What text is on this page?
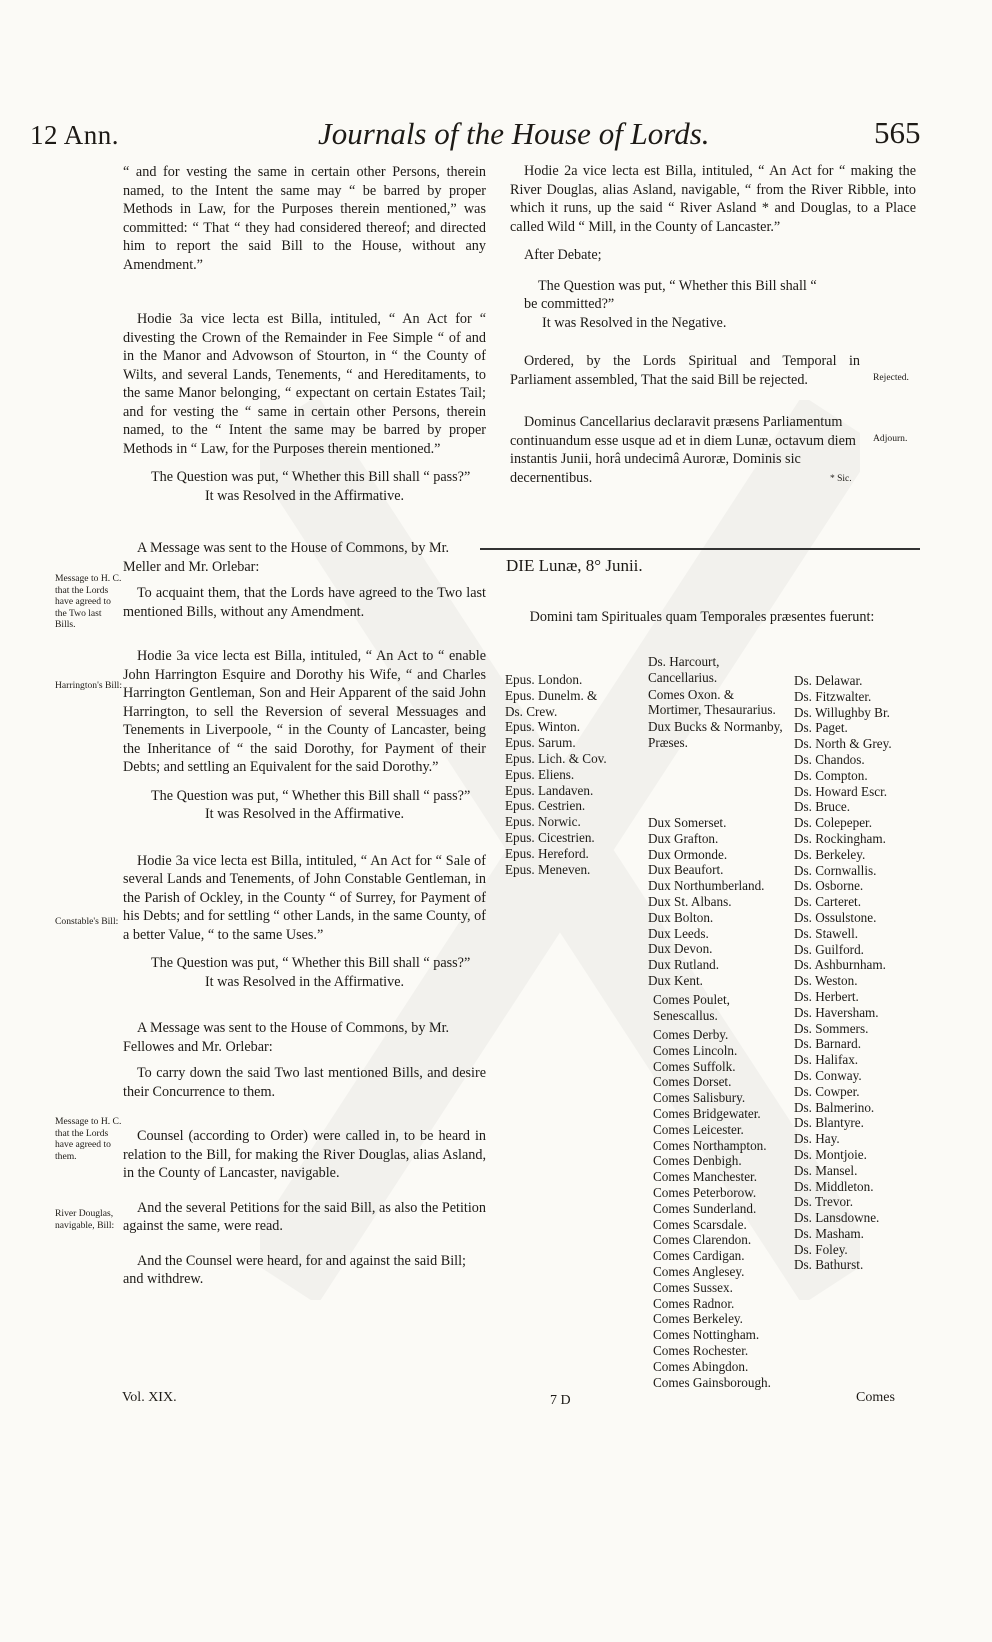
12 Ann.	Journals of the House of Lords.	565

“ and for vesting the same in certain other Persons, therein named, to the Intent the same may “ be barred by proper Methods in Law, for the Purposes therein mentioned,” was committed: “ That “ they had considered thereof; and directed him to report the said Bill to the House, without any Amendment.”

Hodie 3a vice lecta est Billa, intituled, “ An Act for “ divesting the Crown of the Remainder in Fee Simple “ of and in the Manor and Advowson of Stourton, in “ the County of Wilts, and several Lands, Tenements, “ and Hereditaments, to the same Manor belonging, “ expectant on certain Estates Tail; and for vesting the “ same in certain other Persons, therein named, to the “ Intent the same may be barred by proper Methods in “ Law, for the Purposes therein mentioned.”

The Question was put, “ Whether this Bill shall “ pass?”

It was Resolved in the Affirmative.

A Message was sent to the House of Commons, by Mr. Meller and Mr. Orlebar:

To acquaint them, that the Lords have agreed to the Two last mentioned Bills, without any Amendment.

Hodie 3a vice lecta est Billa, intituled, “ An Act to “ enable John Harrington Esquire and Dorothy his Wife, “ and Charles Harrington Gentleman, Son and Heir Apparent of the said John Harrington, to sell the Reversion of several Messuages and Tenements in Liverpoole, “ in the County of Lancaster, being the Inheritance of “ the said Dorothy, for Payment of their Debts; and settling an Equivalent for the said Dorothy.”

The Question was put, “ Whether this Bill shall “ pass?”

It was Resolved in the Affirmative.

Hodie 3a vice lecta est Billa, intituled, “ An Act for “ Sale of several Lands and Tenements, of John Constable Gentleman, in the Parish of Ockley, in the County “ of Surrey, for Payment of his Debts; and for settling “ other Lands, in the same County, of a better Value, “ to the same Uses.”

The Question was put, “ Whether this Bill shall “ pass?”

It was Resolved in the Affirmative.

A Message was sent to the House of Commons, by Mr. Fellowes and Mr. Orlebar:

To carry down the said Two last mentioned Bills, and desire their Concurrence to them.

Counsel (according to Order) were called in, to be heard in relation to the Bill, for making the River Douglas, alias Asland, in the County of Lancaster, navigable.

And the several Petitions for the said Bill, as also the Petition against the same, were read.

And the Counsel were heard, for and against the said Bill; and withdrew.

Message to H. C. that the Lords have agreed to the Two last Bills.
Harrington's Bill:
Constable's Bill:
Message to H. C. that the Lords have agreed to them.
River Douglas, navigable, Bill:
Rejected.
Adjourn.

Hodie 2a vice lecta est Billa, intituled, “ An Act for “ making the River Douglas, alias Asland, navigable, “ from the River Ribble, into which it runs, up the said “ River Asland * and Douglas, to a Place called Wild “ Mill, in the County of Lancaster.”

After Debate;

The Question was put, “ Whether this Bill shall “ be committed?”

It was Resolved in the Negative.

Ordered, by the Lords Spiritual and Temporal in Parliament assembled, That the said Bill be rejected.

Dominus Cancellarius declaravit præsens Parliamentum continuandum esse usque ad et in diem Lunæ, octavum diem instantis Junii, horâ undecimâ Auroræ, Dominis sic decernentibus.	* Sic.
DIE Lunæ, 8° Junii.
Domini tam Spirituales quam Temporales præsentes fuerunt:
Epus. London.
Epus. Dunelm. &
Ds. Crew.
Epus. Winton.
Epus. Sarum.
Epus. Lich. & Cov.
Epus. Eliens.
Epus. Landaven.
Epus. Cestrien.
Epus. Norwic.
Epus. Cicestrien.
Epus. Hereford.
Epus. Meneven.
Ds. Harcourt, Cancellarius.
Comes Oxon. & Mortimer, Thesaurarius.
Dux Bucks & Normanby, Præses.
Dux Somerset.
Dux Grafton.
Dux Ormonde.
Dux Beaufort.
Dux Northumberland.
Dux St. Albans.
Dux Bolton.
Dux Leeds.
Dux Devon.
Dux Rutland.
Dux Kent.
Comes Poulet, Senescallus.
Comes Derby.
Comes Lincoln.
Comes Suffolk.
Comes Dorset.
Comes Salisbury.
Comes Bridgewater.
Comes Leicester.
Comes Northampton.
Comes Denbigh.
Comes Manchester.
Comes Peterborow.
Comes Sunderland.
Comes Scarsdale.
Comes Clarendon.
Comes Cardigan.
Comes Anglesey.
Comes Sussex.
Comes Radnor.
Comes Berkeley.
Comes Nottingham.
Comes Rochester.
Comes Abingdon.
Comes Gainsborough.
Ds. Delawar.
Ds. Fitzwalter.
Ds. Willughby Br.
Ds. Paget.
Ds. North & Grey.
Ds. Chandos.
Ds. Compton.
Ds. Howard Escr.
Ds. Bruce.
Ds. Colepeper.
Ds. Rockingham.
Ds. Berkeley.
Ds. Cornwallis.
Ds. Osborne.
Ds. Carteret.
Ds. Ossulstone.
Ds. Stawell.
Ds. Guilford.
Ds. Ashburnham.
Ds. Weston.
Ds. Herbert.
Ds. Haversham.
Ds. Sommers.
Ds. Barnard.
Ds. Halifax.
Ds. Conway.
Ds. Cowper.
Ds. Balmerino.
Ds. Blantyre.
Ds. Hay.
Ds. Montjoie.
Ds. Mansel.
Ds. Middleton.
Ds. Trevor.
Ds. Lansdowne.
Ds. Masham.
Ds. Foley.
Ds. Bathurst.
Vol. XIX.	7 D	Comes
